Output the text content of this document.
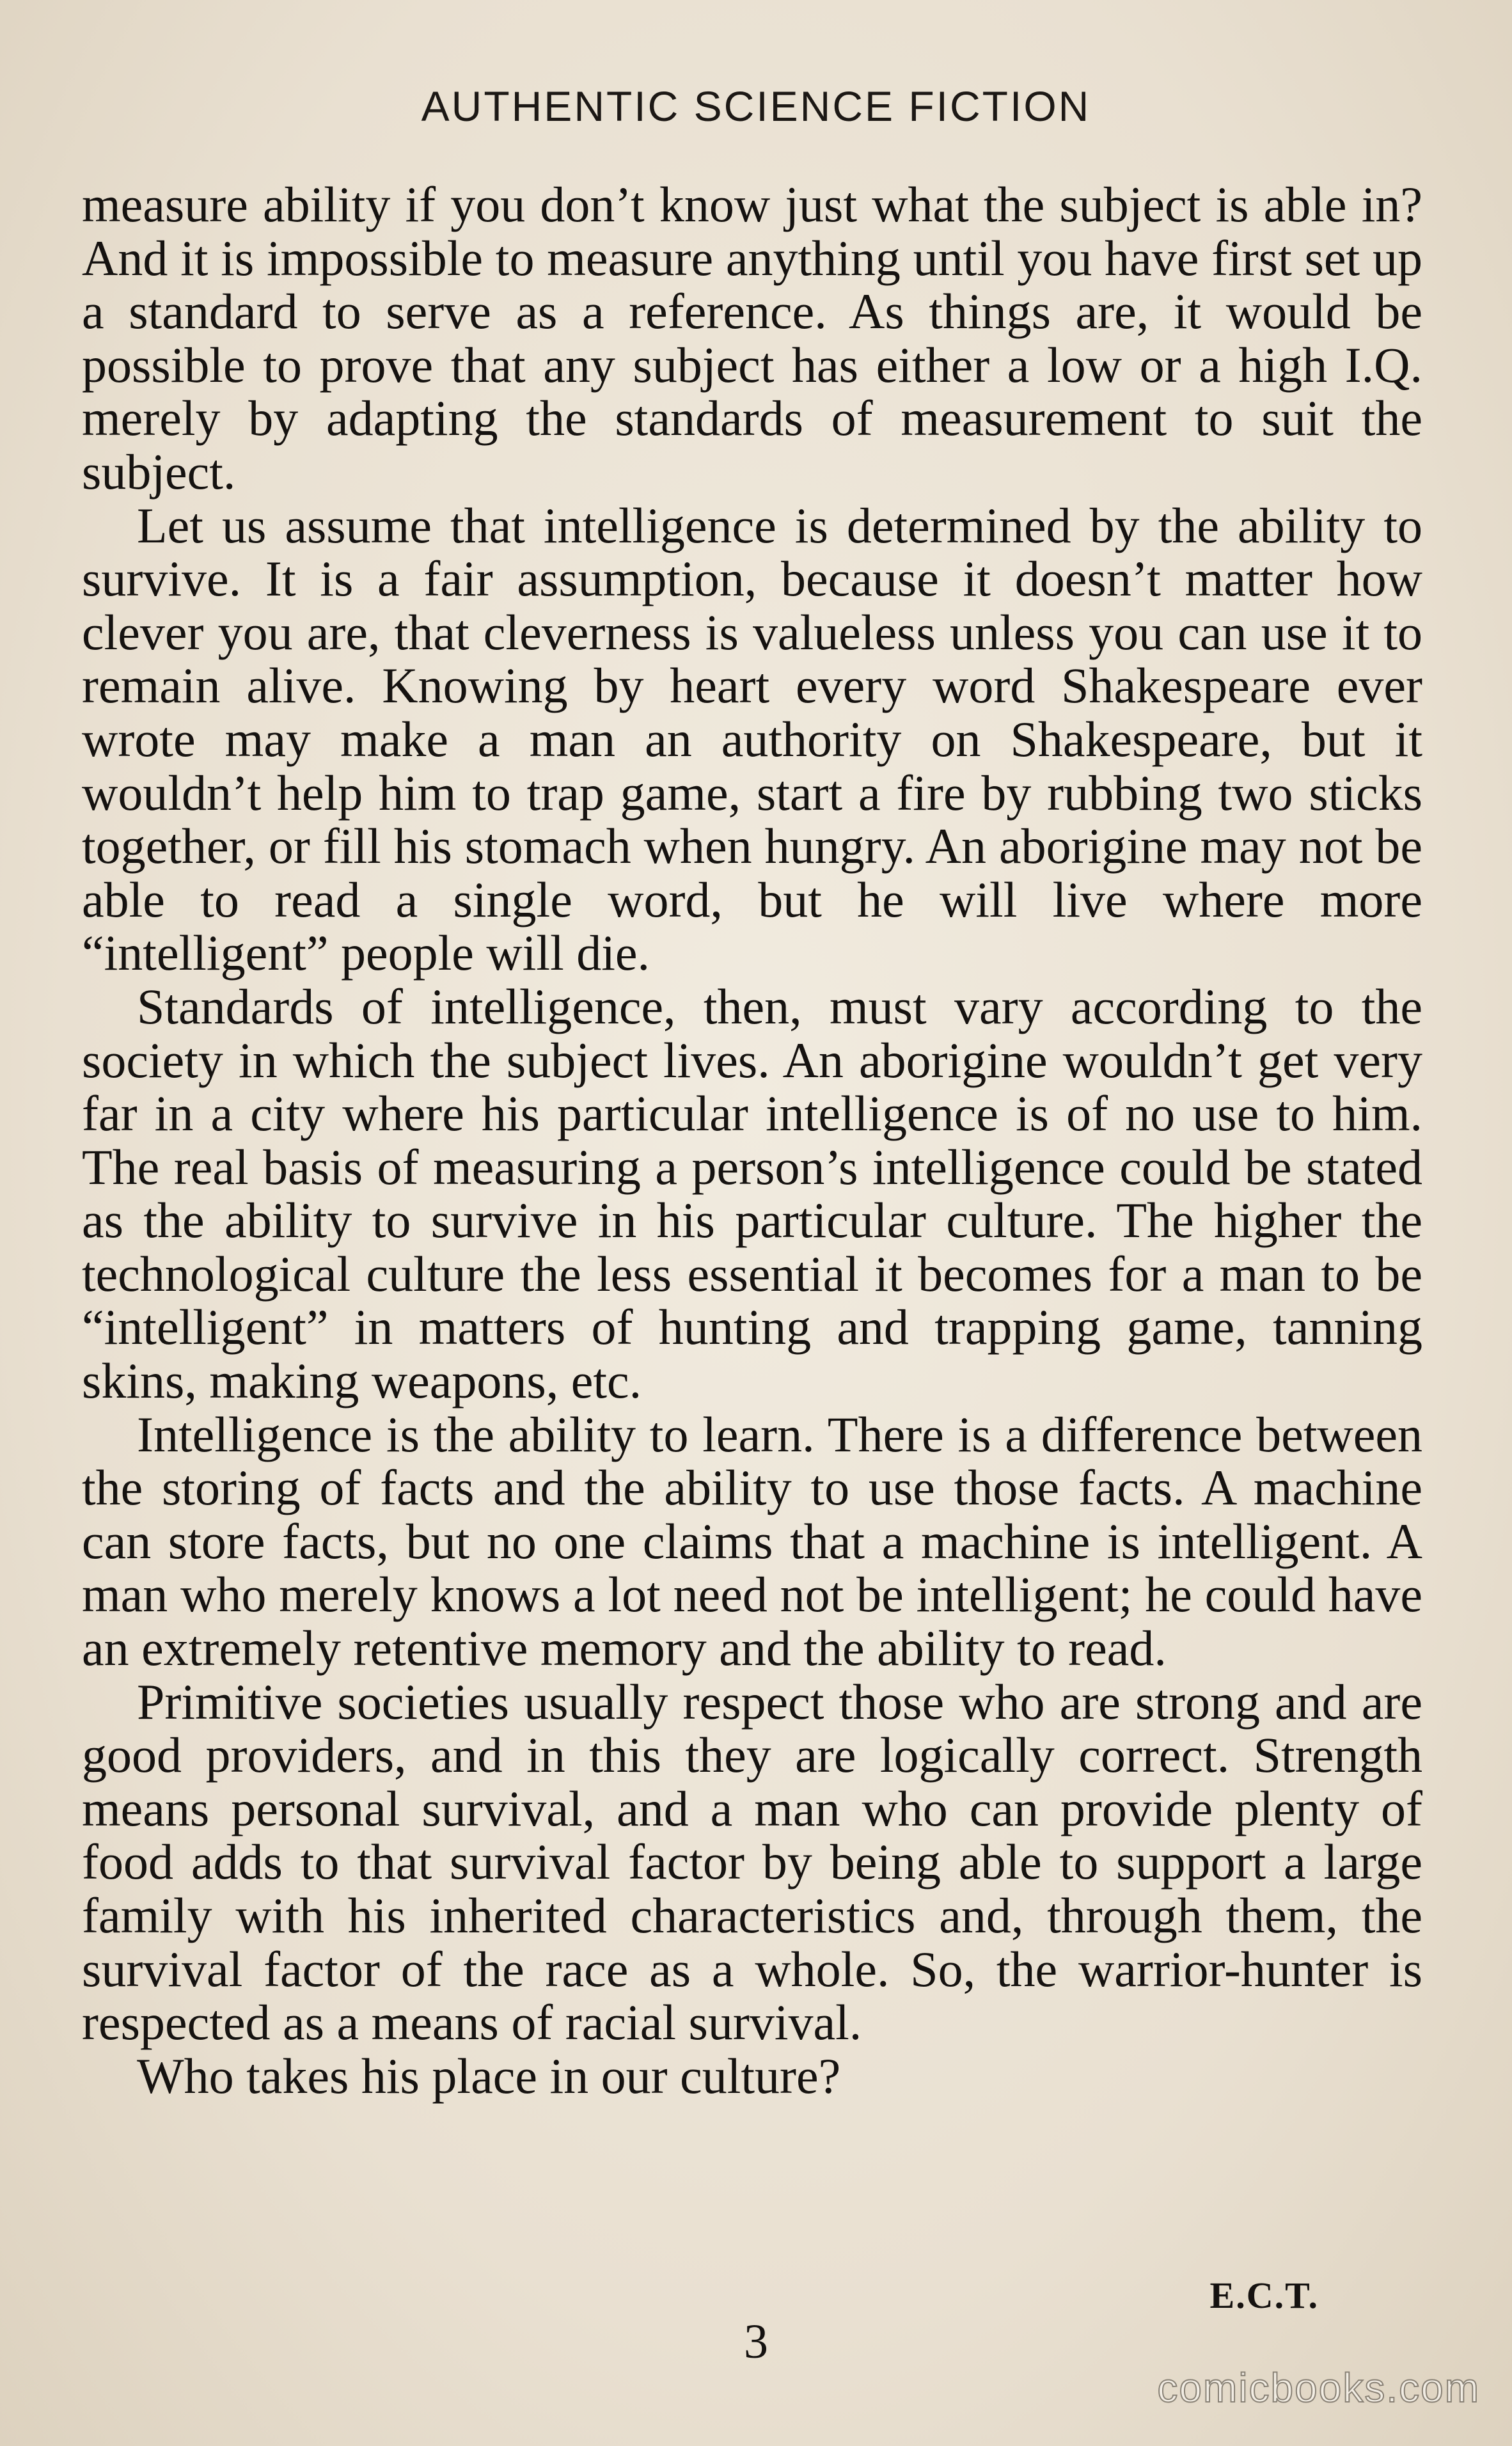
AUTHENTIC SCIENCE FICTION

measure ability if you don’t know just what the subject is able in? And it is impossible to measure anything until you have first set up a standard to serve as a reference. As things are, it would be possible to prove that any subject has either a low or a high I.Q. merely by adapting the standards of measurement to suit the subject.

Let us assume that intelligence is determined by the ability to survive. It is a fair assumption, because it doesn’t matter how clever you are, that cleverness is valueless unless you can use it to remain alive. Knowing by heart every word Shakespeare ever wrote may make a man an authority on Shakespeare, but it wouldn’t help him to trap game, start a fire by rubbing two sticks together, or fill his stomach when hungry. An aborigine may not be able to read a single word, but he will live where more “intelligent” people will die.

Standards of intelligence, then, must vary according to the society in which the subject lives. An aborigine wouldn’t get very far in a city where his particular intelligence is of no use to him. The real basis of measuring a person’s intelligence could be stated as the ability to survive in his particular culture. The higher the technological culture the less essential it becomes for a man to be “intelligent” in matters of hunting and trapping game, tanning skins, making weapons, etc.

Intelligence is the ability to learn. There is a difference between the storing of facts and the ability to use those facts. A machine can store facts, but no one claims that a machine is intelligent. A man who merely knows a lot need not be intelligent; he could have an extremely retentive memory and the ability to read.

Primitive societies usually respect those who are strong and are good providers, and in this they are logically correct. Strength means personal survival, and a man who can provide plenty of food adds to that survival factor by being able to support a large family with his inherited characteristics and, through them, the survival factor of the race as a whole. So, the warrior-hunter is respected as a means of racial survival.

Who takes his place in our culture?

E.C.T.
3
comicbooks.com
